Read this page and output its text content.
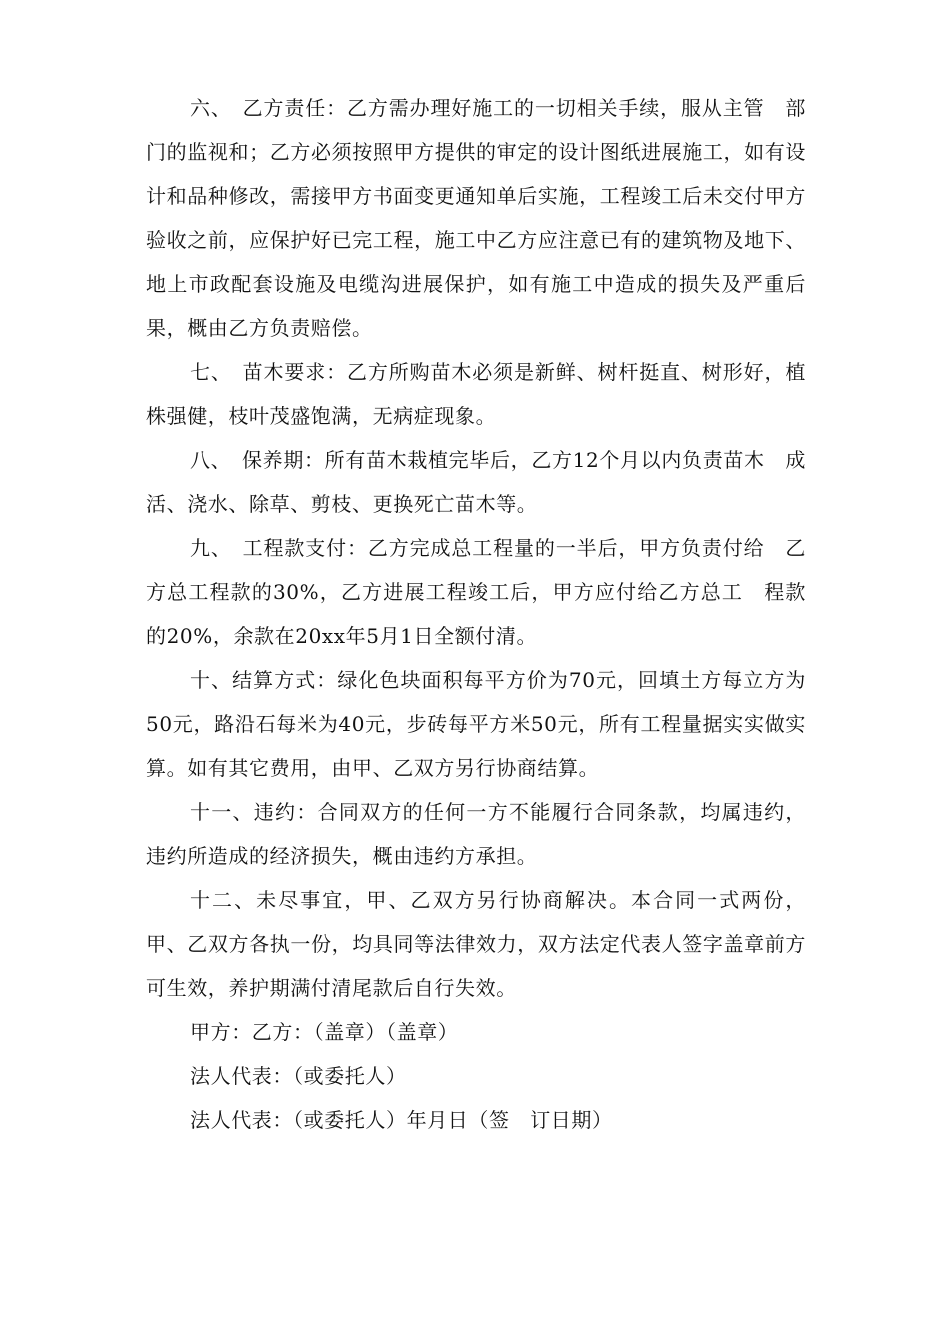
六、　乙方责任：乙方需办理好施工的一切相关手续，服从主管　部门的监视和；乙方必须按照甲方提供的审定的设计图纸进展施工，如有设计和品种修改，需接甲方书面变更通知单后实施，工程竣工后未交付甲方验收之前，应保护好已完工程，施工中乙方应注意已有的建筑物及地下、地上市政配套设施及电缆沟进展保护，如有施工中造成的损失及严重后果，概由乙方负责赔偿。

七、　苗木要求：乙方所购苗木必须是新鲜、树杆挺直、树形好，植株强健，枝叶茂盛饱满，无病症现象。

八、　保养期：所有苗木栽植完毕后，乙方12个月以内负责苗木　成活、浇水、除草、剪枝、更换死亡苗木等。

九、　工程款支付：乙方完成总工程量的一半后，甲方负责付给　乙方总工程款的30%，乙方进展工程竣工后，甲方应付给乙方总工　程款的20%，余款在20xx年5月1日全额付清。

十、结算方式：绿化色块面积每平方价为70元，回填土方每立方为50元，路沿石每米为40元，步砖每平方米50元，所有工程量据实实做实算。如有其它费用，由甲、乙双方另行协商结算。

十一、违约：合同双方的任何一方不能履行合同条款，均属违约，违约所造成的经济损失，概由违约方承担。

十二、未尽事宜，甲、乙双方另行协商解决。本合同一式两份，甲、乙双方各执一份，均具同等法律效力，双方法定代表人签字盖章前方可生效，养护期满付清尾款后自行失效。

甲方：乙方：（盖章）（盖章）

法人代表：（或委托人）

法人代表：（或委托人）年月日（签　订日期）
